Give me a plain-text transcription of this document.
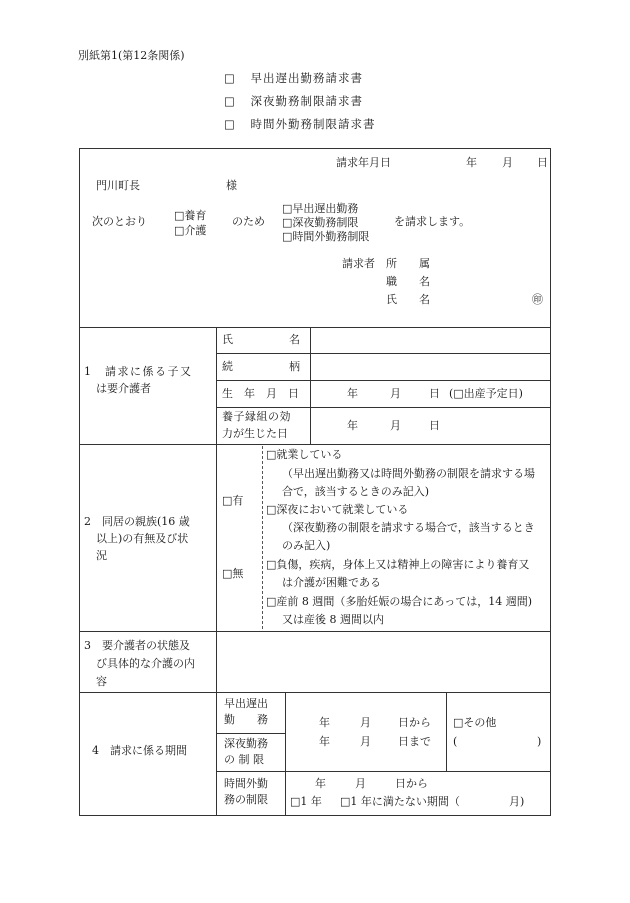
別紙第1(第12条関係)
□ 早出遅出勤務請求書
□ 深夜勤務制限請求書
□ 時間外勤務制限請求書
請求年月日	年 月 日
門川町長	様
次のとおり □養育
□介護
のため
□早出遅出勤務
□深夜勤務制限
□時間外勤務制限
を請求します。
請求者 所 属
職 名
氏 名	㊞
1　請求に係る子又
は要介護者
氏	名
続	柄
生　年　月　日	年	月	日 (□出産予定日)
養子縁組の効
力が生じた日
年	月	日
2　同居の親族(16 歳
以上)の有無及び状
況
□有
□無
□就業している
（早出遅出勤務又は時間外勤務の制限を請求する場
合で，該当するときのみ記入)
□深夜において就業している
（深夜勤務の制限を請求する場合で，該当するとき
のみ記入)
□負傷，疾病，身体上又は精神上の障害により養育又
は介護が困難である
□産前 8 週間（多胎妊娠の場合にあっては，14 週間)
又は産後 8 週間以内
3　要介護者の状態及
び具体的な介護の内
容
4　請求に係る期間
早出遅出
勤　　務
深夜勤務
の 制 限
年	月 日から
年	月 日まで
□その他
(	)
時間外勤
務の制限
年	月	日から
□1 年 □1 年に満たない期間（	月)
